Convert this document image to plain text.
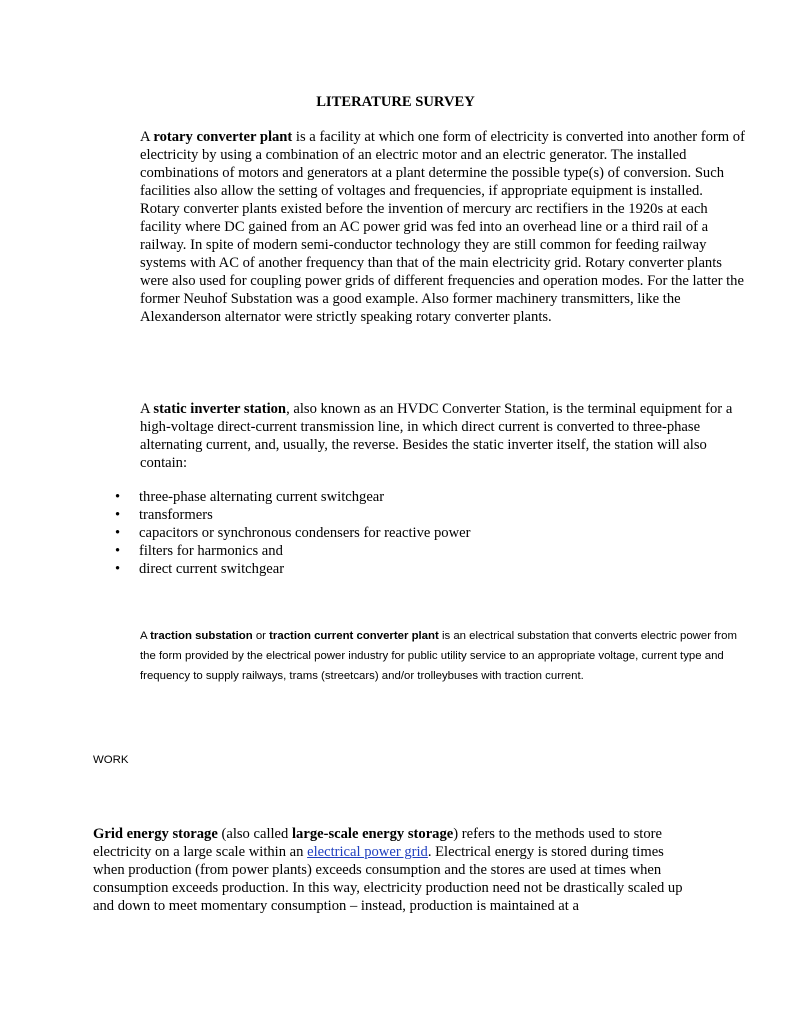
LITERATURE SURVEY

A rotary converter plant is a facility at which one form of electricity is converted into another form of electricity by using a combination of an electric motor and an electric generator. The installed combinations of motors and generators at a plant determine the possible type(s) of conversion. Such facilities also allow the setting of voltages and frequencies, if appropriate equipment is installed. Rotary converter plants existed before the invention of mercury arc rectifiers in the 1920s at each facility where DC gained from an AC power grid was fed into an overhead line or a third rail of a railway. In spite of modern semi-conductor technology they are still common for feeding railway systems with AC of another frequency than that of the main electricity grid. Rotary converter plants were also used for coupling power grids of different frequencies and operation modes. For the latter the former Neuhof Substation was a good example. Also former machinery transmitters, like the Alexanderson alternator were strictly speaking rotary converter plants.

A static inverter station, also known as an HVDC Converter Station, is the terminal equipment for a high-voltage direct-current transmission line, in which direct current is converted to three-phase alternating current, and, usually, the reverse. Besides the static inverter itself, the station will also contain:

• three-phase alternating current switchgear
• transformers
• capacitors or synchronous condensers for reactive power
• filters for harmonics and
• direct current switchgear

A traction substation or traction current converter plant is an electrical substation that converts electric power from the form provided by the electrical power industry for public utility service to an appropriate voltage, current type and frequency to supply railways, trams (streetcars) and/or trolleybuses with traction current.

WORK

Grid energy storage (also called large-scale energy storage) refers to the methods used to store electricity on a large scale within an electrical power grid. Electrical energy is stored during times when production (from power plants) exceeds consumption and the stores are used at times when consumption exceeds production. In this way, electricity production need not be drastically scaled up and down to meet momentary consumption – instead, production is maintained at a
